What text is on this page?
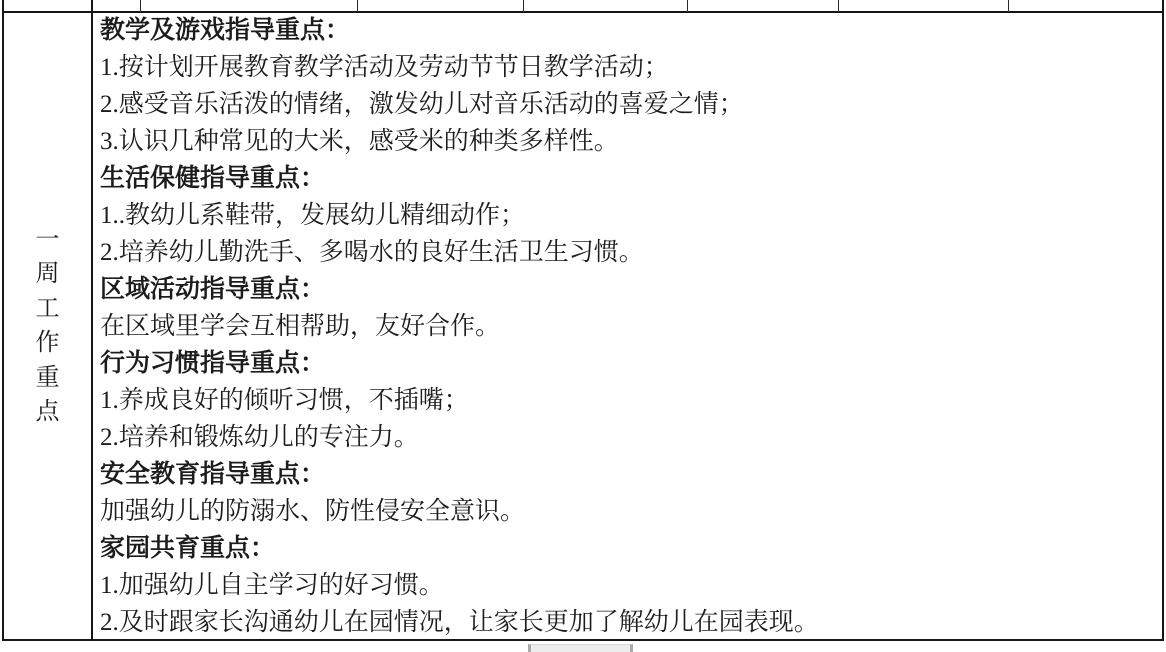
一
周
工
作
重
点
教学及游戏指导重点：
1.按计划开展教育教学活动及劳动节节日教学活动；
2.感受音乐活泼的情绪，激发幼儿对音乐活动的喜爱之情；
3.认识几种常见的大米，感受米的种类多样性。
生活保健指导重点：
1..教幼儿系鞋带，发展幼儿精细动作；
2.培养幼儿勤洗手、多喝水的良好生活卫生习惯。
区域活动指导重点：
在区域里学会互相帮助，友好合作。
行为习惯指导重点：
1.养成良好的倾听习惯，不插嘴；
2.培养和锻炼幼儿的专注力。
安全教育指导重点：
加强幼儿的防溺水、防性侵安全意识。
家园共育重点：
1.加强幼儿自主学习的好习惯。
2.及时跟家长沟通幼儿在园情况，让家长更加了解幼儿在园表现。
